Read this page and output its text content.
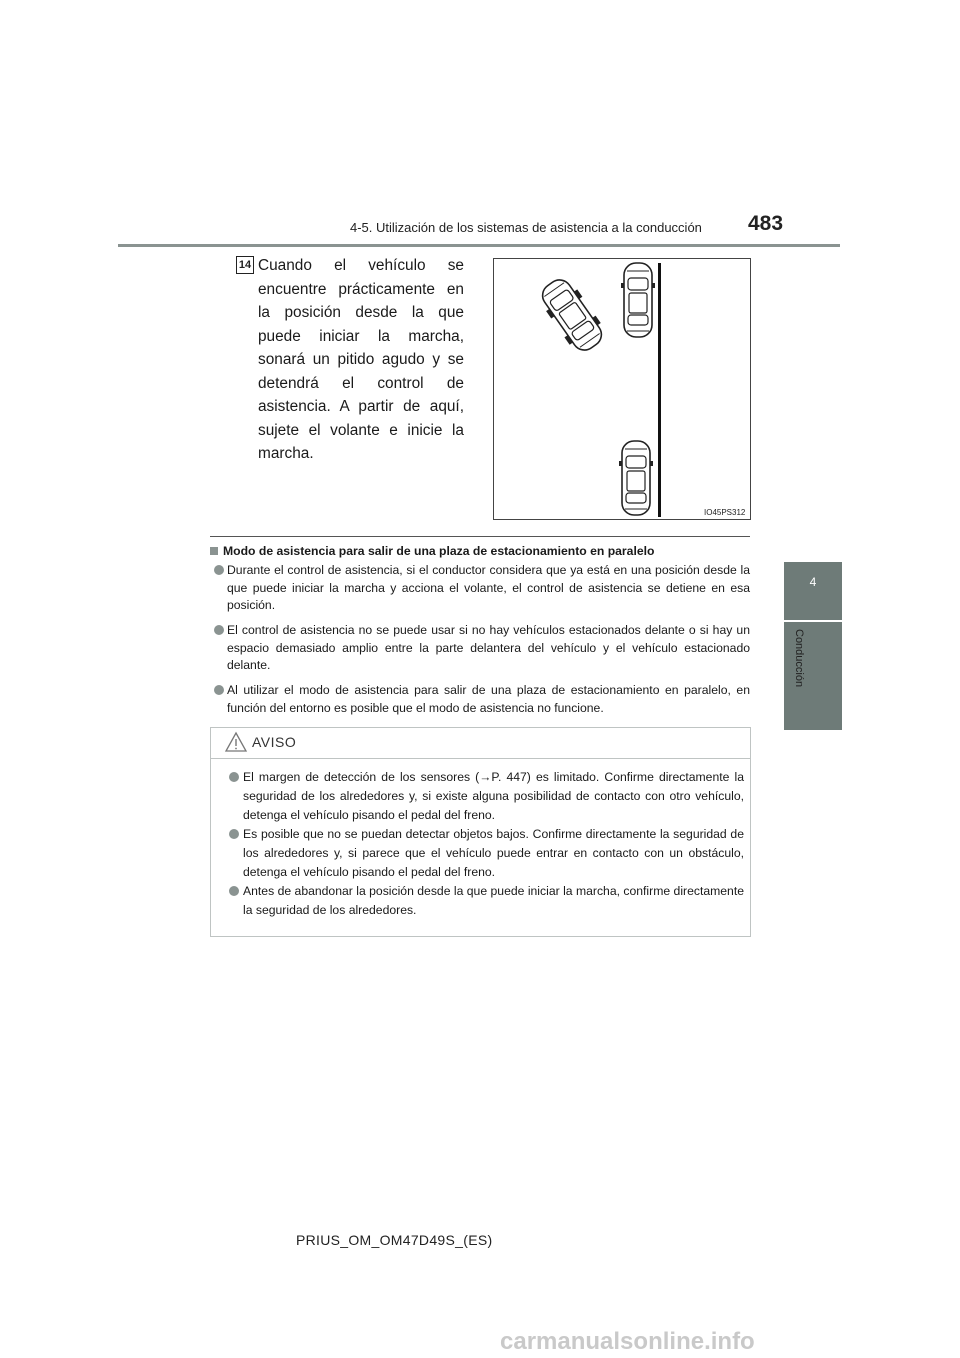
4-5. Utilización de los sistemas de asistencia a la conducción 483
4
Conducción
14 Cuando el vehículo se encuentre prácticamente en la posición desde la que puede iniciar la marcha, sonará un pitido agudo y se detendrá el control de asistencia. A partir de aquí, sujete el volante e inicie la marcha.
IO45PS312
Modo de asistencia para salir de una plaza de estacionamiento en paralelo
Durante el control de asistencia, si el conductor considera que ya está en una posición desde la que puede iniciar la marcha y acciona el volante, el control de asistencia se detiene en esa posición.
El control de asistencia no se puede usar si no hay vehículos estacionados delante o si hay un espacio demasiado amplio entre la parte delantera del vehículo y el vehículo estacionado delante.
Al utilizar el modo de asistencia para salir de una plaza de estacionamiento en paralelo, en función del entorno es posible que el modo de asistencia no funcione.
AVISO
El margen de detección de los sensores (→P. 447) es limitado. Confirme directamente la seguridad de los alrededores y, si existe alguna posibilidad de contacto con otro vehículo, detenga el vehículo pisando el pedal del freno.
Es posible que no se puedan detectar objetos bajos. Confirme directamente la seguridad de los alrededores y, si parece que el vehículo puede entrar en contacto con un obstáculo, detenga el vehículo pisando el pedal del freno.
Antes de abandonar la posición desde la que puede iniciar la marcha, confirme directamente la seguridad de los alrededores.
PRIUS_OM_OM47D49S_(ES)
carmanualsonline.info
